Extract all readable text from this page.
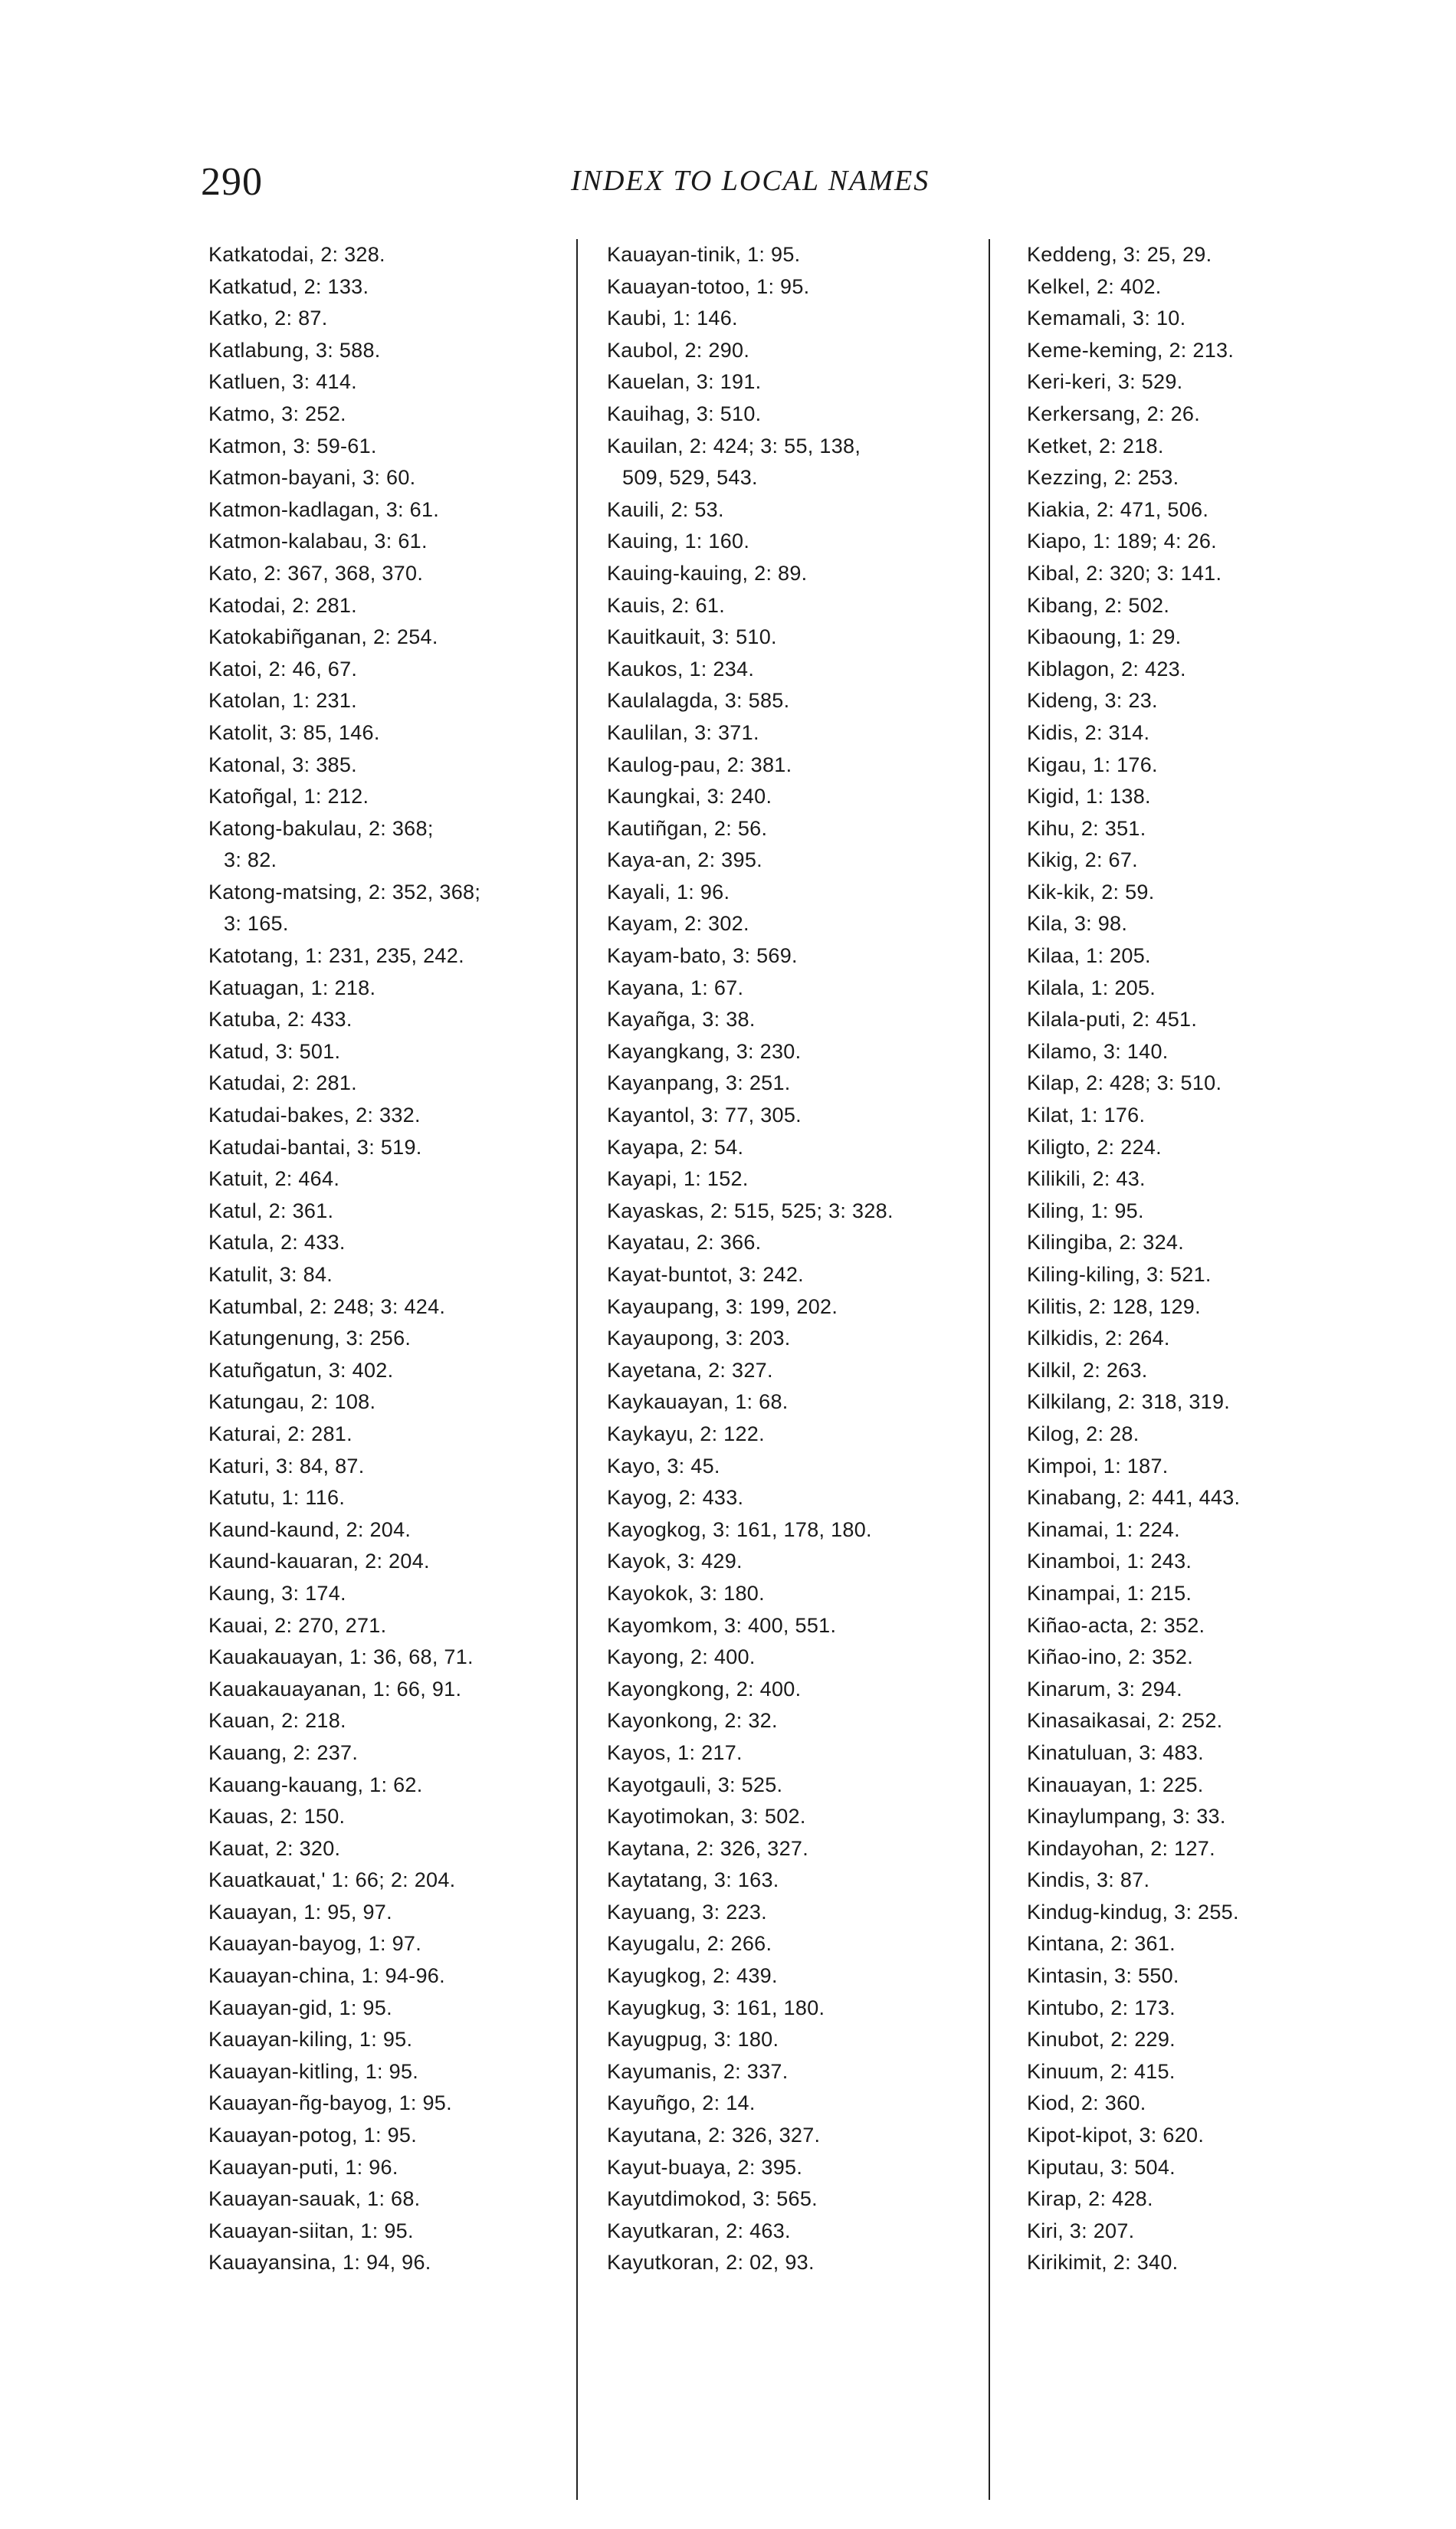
290	INDEX TO LOCAL NAMES
Katkatodai, 2: 328.
Katkatud, 2: 133.
Katko, 2: 87.
Katlabung, 3: 588.
Katluen, 3: 414.
Katmo, 3: 252.
Katmon, 3: 59-61.
Katmon-bayani, 3: 60.
Katmon-kadlagan, 3: 61.
Katmon-kalabau, 3: 61.
Kato, 2: 367, 368, 370.
Katodai, 2: 281.
Katokabiñganan, 2: 254.
Katoi, 2: 46, 67.
Katolan, 1: 231.
Katolit, 3: 85, 146.
Katonal, 3: 385.
Katoñgal, 1: 212.
Katong-bakulau, 2: 368;
3: 82.
Katong-matsing, 2: 352, 368;
3: 165.
Katotang, 1: 231, 235, 242.
Katuagan, 1: 218.
Katuba, 2: 433.
Katud, 3: 501.
Katudai, 2: 281.
Katudai-bakes, 2: 332.
Katudai-bantai, 3: 519.
Katuit, 2: 464.
Katul, 2: 361.
Katula, 2: 433.
Katulit, 3: 84.
Katumbal, 2: 248; 3: 424.
Katungenung, 3: 256.
Katuñgatun, 3: 402.
Katungau, 2: 108.
Katurai, 2: 281.
Katuri, 3: 84, 87.
Katutu, 1: 116.
Kaund-kaund, 2: 204.
Kaund-kauaran, 2: 204.
Kaung, 3: 174.
Kauai, 2: 270, 271.
Kauakauayan, 1: 36, 68, 71.
Kauakauayanan, 1: 66, 91.
Kauan, 2: 218.
Kauang, 2: 237.
Kauang-kauang, 1: 62.
Kauas, 2: 150.
Kauat, 2: 320.
Kauatkauat,' 1: 66; 2: 204.
Kauayan, 1: 95, 97.
Kauayan-bayog, 1: 97.
Kauayan-china, 1: 94-96.
Kauayan-gid, 1: 95.
Kauayan-kiling, 1: 95.
Kauayan-kitling, 1: 95.
Kauayan-ñg-bayog, 1: 95.
Kauayan-potog, 1: 95.
Kauayan-puti, 1: 96.
Kauayan-sauak, 1: 68.
Kauayan-siitan, 1: 95.
Kauayansina, 1: 94, 96.
Kauayan-tinik, 1: 95.
Kauayan-totoo, 1: 95.
Kaubi, 1: 146.
Kaubol, 2: 290.
Kauelan, 3: 191.
Kauihag, 3: 510.
Kauilan, 2: 424; 3: 55, 138,
509, 529, 543.
Kauili, 2: 53.
Kauing, 1: 160.
Kauing-kauing, 2: 89.
Kauis, 2: 61.
Kauitkauit, 3: 510.
Kaukos, 1: 234.
Kaulalagda, 3: 585.
Kaulilan, 3: 371.
Kaulog-pau, 2: 381.
Kaungkai, 3: 240.
Kautiñgan, 2: 56.
Kaya-an, 2: 395.
Kayali, 1: 96.
Kayam, 2: 302.
Kayam-bato, 3: 569.
Kayana, 1: 67.
Kayañga, 3: 38.
Kayangkang, 3: 230.
Kayanpang, 3: 251.
Kayantol, 3: 77, 305.
Kayapa, 2: 54.
Kayapi, 1: 152.
Kayaskas, 2: 515, 525; 3: 328.
Kayatau, 2: 366.
Kayat-buntot, 3: 242.
Kayaupang, 3: 199, 202.
Kayaupong, 3: 203.
Kayetana, 2: 327.
Kaykauayan, 1: 68.
Kaykayu, 2: 122.
Kayo, 3: 45.
Kayog, 2: 433.
Kayogkog, 3: 161, 178, 180.
Kayok, 3: 429.
Kayokok, 3: 180.
Kayomkom, 3: 400, 551.
Kayong, 2: 400.
Kayongkong, 2: 400.
Kayonkong, 2: 32.
Kayos, 1: 217.
Kayotgauli, 3: 525.
Kayotimokan, 3: 502.
Kaytana, 2: 326, 327.
Kaytatang, 3: 163.
Kayuang, 3: 223.
Kayugalu, 2: 266.
Kayugkog, 2: 439.
Kayugkug, 3: 161, 180.
Kayugpug, 3: 180.
Kayumanis, 2: 337.
Kayuñgo, 2: 14.
Kayutana, 2: 326, 327.
Kayut-buaya, 2: 395.
Kayutdimokod, 3: 565.
Kayutkaran, 2: 463.
Kayutkoran, 2: 02, 93.
Keddeng, 3: 25, 29.
Kelkel, 2: 402.
Kemamali, 3: 10.
Keme-keming, 2: 213.
Keri-keri, 3: 529.
Kerkersang, 2: 26.
Ketket, 2: 218.
Kezzing, 2: 253.
Kiakia, 2: 471, 506.
Kiapo, 1: 189; 4: 26.
Kibal, 2: 320; 3: 141.
Kibang, 2: 502.
Kibaoung, 1: 29.
Kiblagon, 2: 423.
Kideng, 3: 23.
Kidis, 2: 314.
Kigau, 1: 176.
Kigid, 1: 138.
Kihu, 2: 351.
Kikig, 2: 67.
Kik-kik, 2: 59.
Kila, 3: 98.
Kilaa, 1: 205.
Kilala, 1: 205.
Kilala-puti, 2: 451.
Kilamo, 3: 140.
Kilap, 2: 428; 3: 510.
Kilat, 1: 176.
Kiligto, 2: 224.
Kilikili, 2: 43.
Kiling, 1: 95.
Kilingiba, 2: 324.
Kiling-kiling, 3: 521.
Kilitis, 2: 128, 129.
Kilkidis, 2: 264.
Kilkil, 2: 263.
Kilkilang, 2: 318, 319.
Kilog, 2: 28.
Kimpoi, 1: 187.
Kinabang, 2: 441, 443.
Kinamai, 1: 224.
Kinamboi, 1: 243.
Kinampai, 1: 215.
Kiñao-acta, 2: 352.
Kiñao-ino, 2: 352.
Kinarum, 3: 294.
Kinasaikasai, 2: 252.
Kinatuluan, 3: 483.
Kinauayan, 1: 225.
Kinaylumpang, 3: 33.
Kindayohan, 2: 127.
Kindis, 3: 87.
Kindug-kindug, 3: 255.
Kintana, 2: 361.
Kintasin, 3: 550.
Kintubo, 2: 173.
Kinubot, 2: 229.
Kinuum, 2: 415.
Kiod, 2: 360.
Kipot-kipot, 3: 620.
Kiputau, 3: 504.
Kirap, 2: 428.
Kiri, 3: 207.
Kirikimit, 2: 340.
